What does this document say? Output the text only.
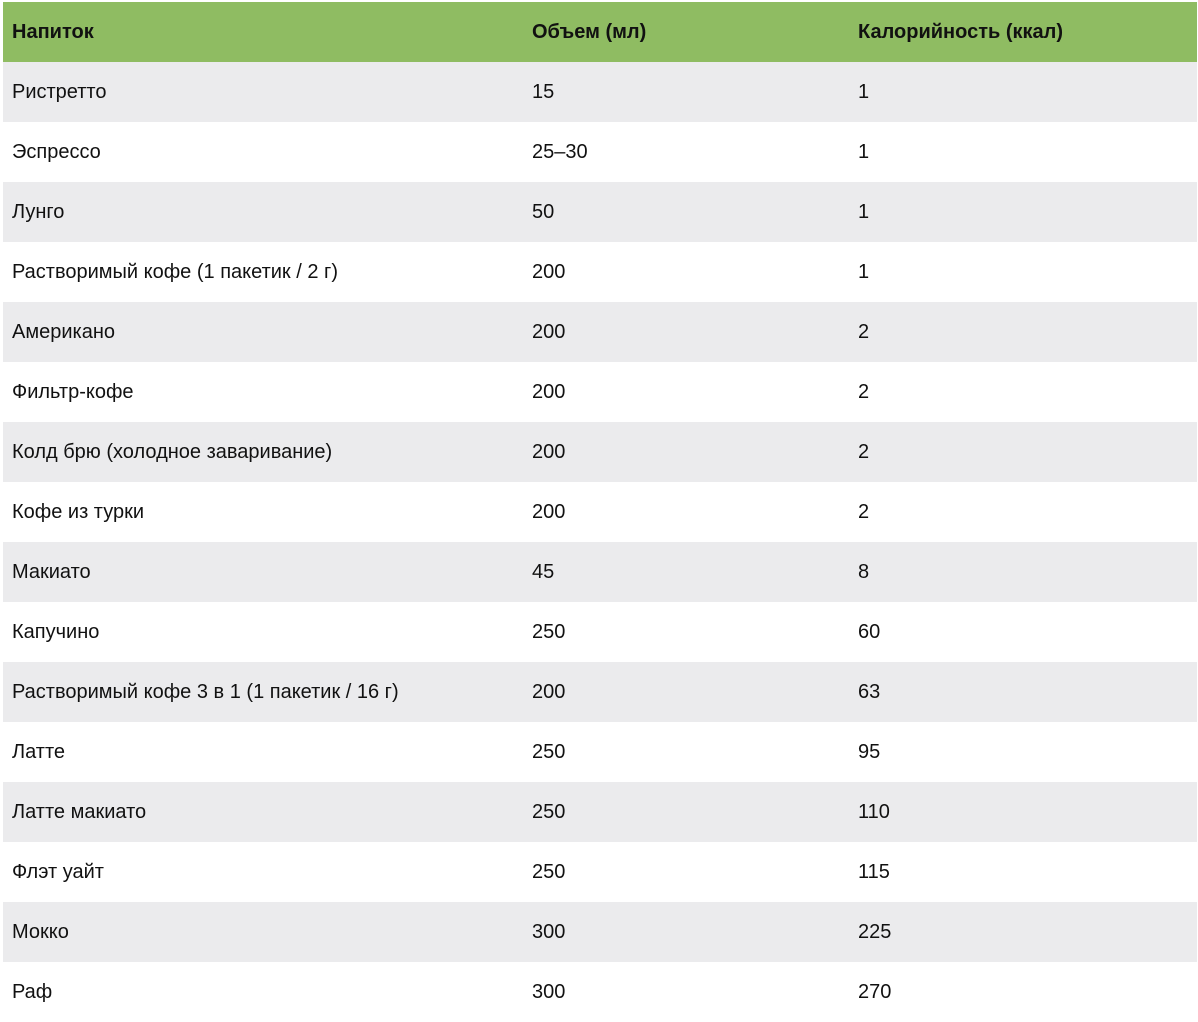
Напиток	Объем (мл)	Калорийность (ккал)
Ристретто	15	1
Эспрессо	25–30	1
Лунго	50	1
Растворимый кофе (1 пакетик / 2 г)	200	1
Американо	200	2
Фильтр-кофе	200	2
Колд брю (холодное заваривание)	200	2
Кофе из турки	200	2
Макиато	45	8
Капучино	250	60
Растворимый кофе 3 в 1 (1 пакетик / 16 г)	200	63
Латте	250	95
Латте макиато	250	110
Флэт уайт	250	115
Мокко	300	225
Раф	300	270
